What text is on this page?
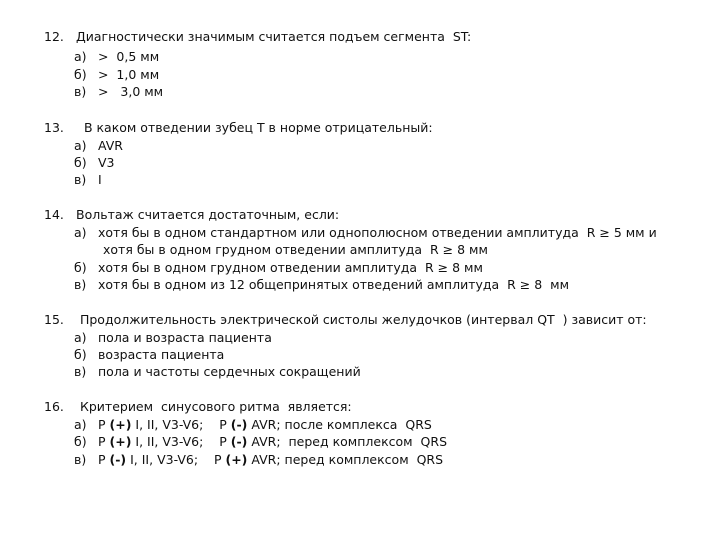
12. Диагностически значимым считается подъем сегмента  ST:
а) >  0,5 мм
б) >  1,0 мм
в) >   3,0 мм
13.  В каком отведении зубец Т в норме отрицательный:
а) AVR
б) V3
в) I
14. Вольтаж считается достаточным, если:
а) хотя бы в одном стандартном или однополюсном отведении амплитуда  R ≥ 5 мм и
хотя бы в одном грудном отведении амплитуда  R ≥ 8 мм
б) хотя бы в одном грудном отведении амплитуда  R ≥ 8 мм
в) хотя бы в одном из 12 общепринятых отведений амплитуда  R ≥ 8  мм
15. Продолжительность электрической систолы желудочков (интервал QT  ) зависит от:
а) пола и возраста пациента
б) возраста пациента
в) пола и частоты сердечных сокращений
16. Критерием  синусового ритма  является:
а) Р (+) I, II, V3-V6;    Р (-) AVR; после комплекса  QRS
б) Р (+) I, II, V3-V6;    Р (-) AVR;  перед комплексом  QRS
в) Р (-) I, II, V3-V6;    Р (+) AVR; перед комплексом  QRS
